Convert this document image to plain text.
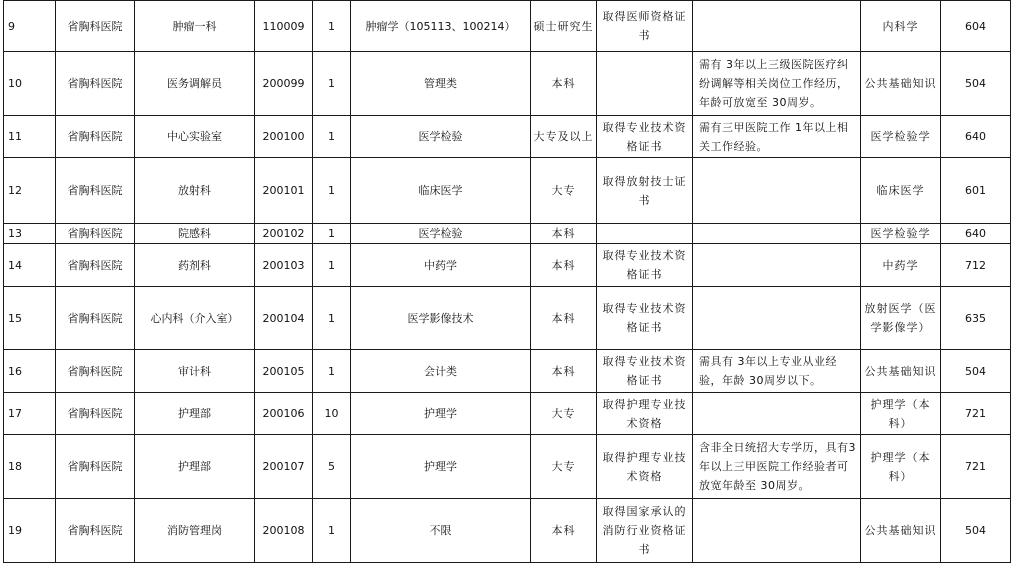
9	省胸科医院	肿瘤一科	110009	1	肿瘤学（105113、100214）	硕士研究生	取得医师资格证书		内科学	604
10	省胸科医院	医务调解员	200099	1	管理类	本科		需有 3年以上三级医院医疗纠纷调解等相关岗位工作经历，年龄可放宽至 30周岁。	公共基础知识	504
11	省胸科医院	中心实验室	200100	1	医学检验	大专及以上	取得专业技术资格证书	需有三甲医院工作 1年以上相关工作经验。	医学检验学	640
12	省胸科医院	放射科	200101	1	临床医学	大专	取得放射技士证书		临床医学	601
13	省胸科医院	院感科	200102	1	医学检验	本科			医学检验学	640
14	省胸科医院	药剂科	200103	1	中药学	本科	取得专业技术资格证书		中药学	712
15	省胸科医院	心内科（介入室）	200104	1	医学影像技术	本科	取得专业技术资格证书		放射医学（医学影像学）	635
16	省胸科医院	审计科	200105	1	会计类	本科	取得专业技术资格证书	需具有 3年以上专业从业经验，年龄 30周岁以下。	公共基础知识	504
17	省胸科医院	护理部	200106	10	护理学	大专	取得护理专业技术资格		护理学（本科）	721
18	省胸科医院	护理部	200107	5	护理学	大专	取得护理专业技术资格	含非全日统招大专学历，具有3年以上三甲医院工作经验者可放宽年龄至 30周岁。	护理学（本科）	721
19	省胸科医院	消防管理岗	200108	1	不限	本科	取得国家承认的消防行业资格证书		公共基础知识	504
